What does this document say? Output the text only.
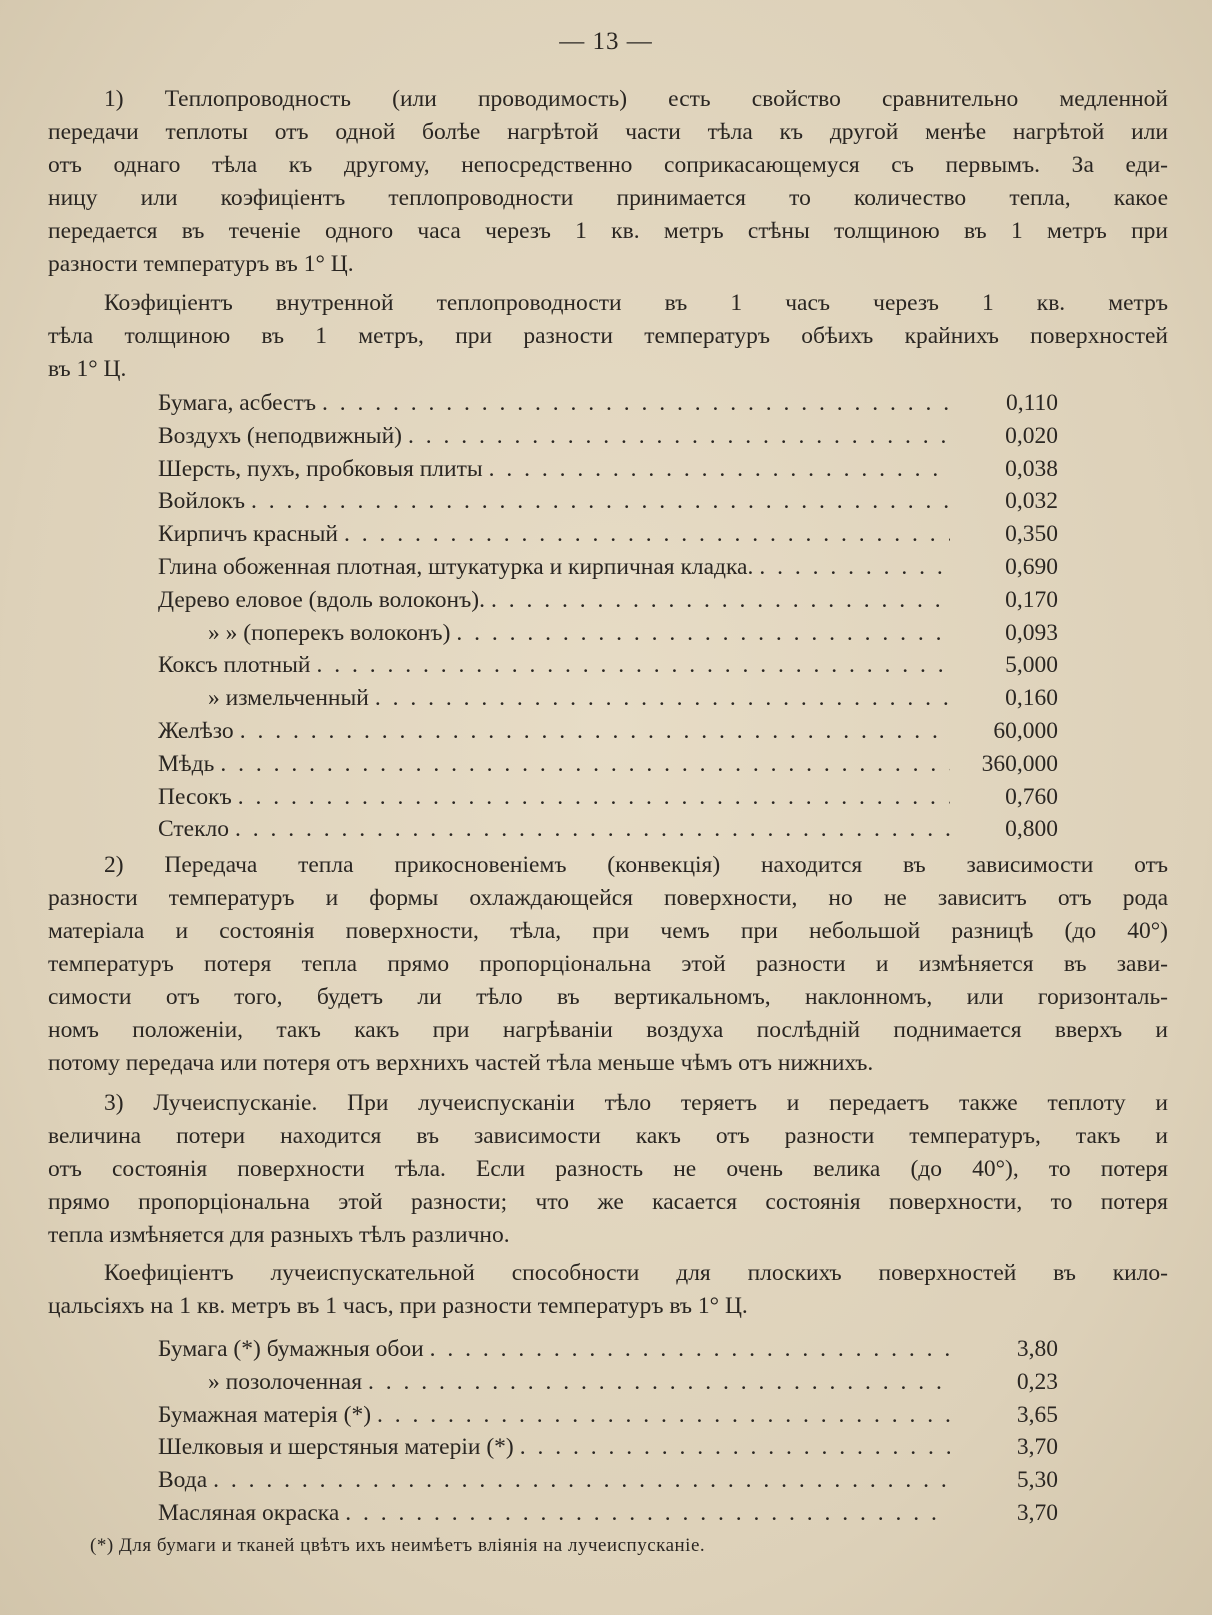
— 13 —
1) Теплопроводность (или проводимость) есть свойство сравнительно медленной
передачи теплоты отъ одной болѣе нагрѣтой части тѣла къ другой менѣе нагрѣтой или
отъ однаго тѣла къ другому, непосредственно соприкасающемуся съ первымъ. За еди-
ницу или коэфиціентъ теплопроводности принимается то количество тепла, какое
передается въ теченіе одного часа черезъ 1 кв. метръ стѣны толщиною въ 1 метръ при
разности температуръ въ 1° Ц.
Коэфиціентъ внутренной теплопроводности въ 1 часъ черезъ 1 кв. метръ
тѣла толщиною въ 1 метръ, при разности температуръ обѣихъ крайнихъ поверхностей
въ 1° Ц.
Бумага, асбестъ . . .	0,110
Воздухъ (неподвижный) . . .	0,020
Шерсть, пухъ, пробковыя плиты . . .	0,038
Войлокъ . . .	0,032
Кирпичъ красный . . .	0,350
Глина обоженная плотная, штукатурка и кирпичная кладка. . . .	0,690
Дерево еловое (вдоль волоконъ). . . .	0,170
» » (поперекъ волоконъ) . . .	0,093
Коксъ плотный . . .	5,000
» измельченный . . .	0,160
Желѣзо . . .	60,000
Мѣдь . . .	360,000
Песокъ . . .	0,760
Стекло . . .	0,800
2) Передача тепла прикосновеніемъ (конвекція) находится въ зависимости отъ
разности температуръ и формы охлаждающейся поверхности, но не зависитъ отъ рода
матеріала и состоянія поверхности, тѣла, при чемъ при небольшой разницѣ (до 40°)
температуръ потеря тепла прямо пропорціональна этой разности и измѣняется въ зави-
симости отъ того, будетъ ли тѣло въ вертикальномъ, наклонномъ, или горизонталь-
номъ положеніи, такъ какъ при нагрѣваніи воздуха послѣдній поднимается вверхъ и
потому передача или потеря отъ верхнихъ частей тѣла меньше чѣмъ отъ нижнихъ.
3) Лучеиспусканіе. При лучеиспусканіи тѣло теряетъ и передаетъ также теплоту и
величина потери находится въ зависимости какъ отъ разности температуръ, такъ и
отъ состоянія поверхности тѣла. Если разность не очень велика (до 40°), то потеря
прямо пропорціональна этой разности; что же касается состоянія поверхности, то потеря
тепла измѣняется для разныхъ тѣлъ различно.
Коефиціентъ лучеиспускательной способности для плоскихъ поверхностей въ кило-
цальсіяхъ на 1 кв. метръ въ 1 часъ, при разности температуръ въ 1° Ц.
Бумага (*) бумажныя обои . . .	3,80
» позолоченная . . .	0,23
Бумажная матерія (*) . . .	3,65
Шелковыя и шерстяныя матеріи (*) . . .	3,70
Вода . . .	5,30
Масляная окраска . . .	3,70
(*) Для бумаги и тканей цвѣтъ ихъ неимѣетъ вліянія на лучеиспусканіе.
